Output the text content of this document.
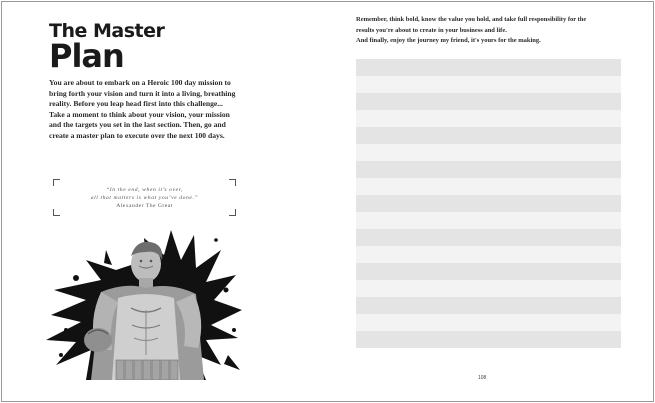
The Master
Plan

You are about to embark on a Heroic 100 day mission to bring forth your vision and turn it into a living, breathing reality. Before you leap head first into this challenge... Take a moment to think about your vision, your mission and the targets you set in the last section. Then, go and create a master plan to execute over the next 100 days.

“In the end, when it’s over,
all that matters is what you’ve done.”
Alexander The Great
Remember, think bold, know the value you hold, and take full responsibility for the
results you're about to create in your business and life.
And finally, enjoy the journey my friend, it's yours for the making.
108
